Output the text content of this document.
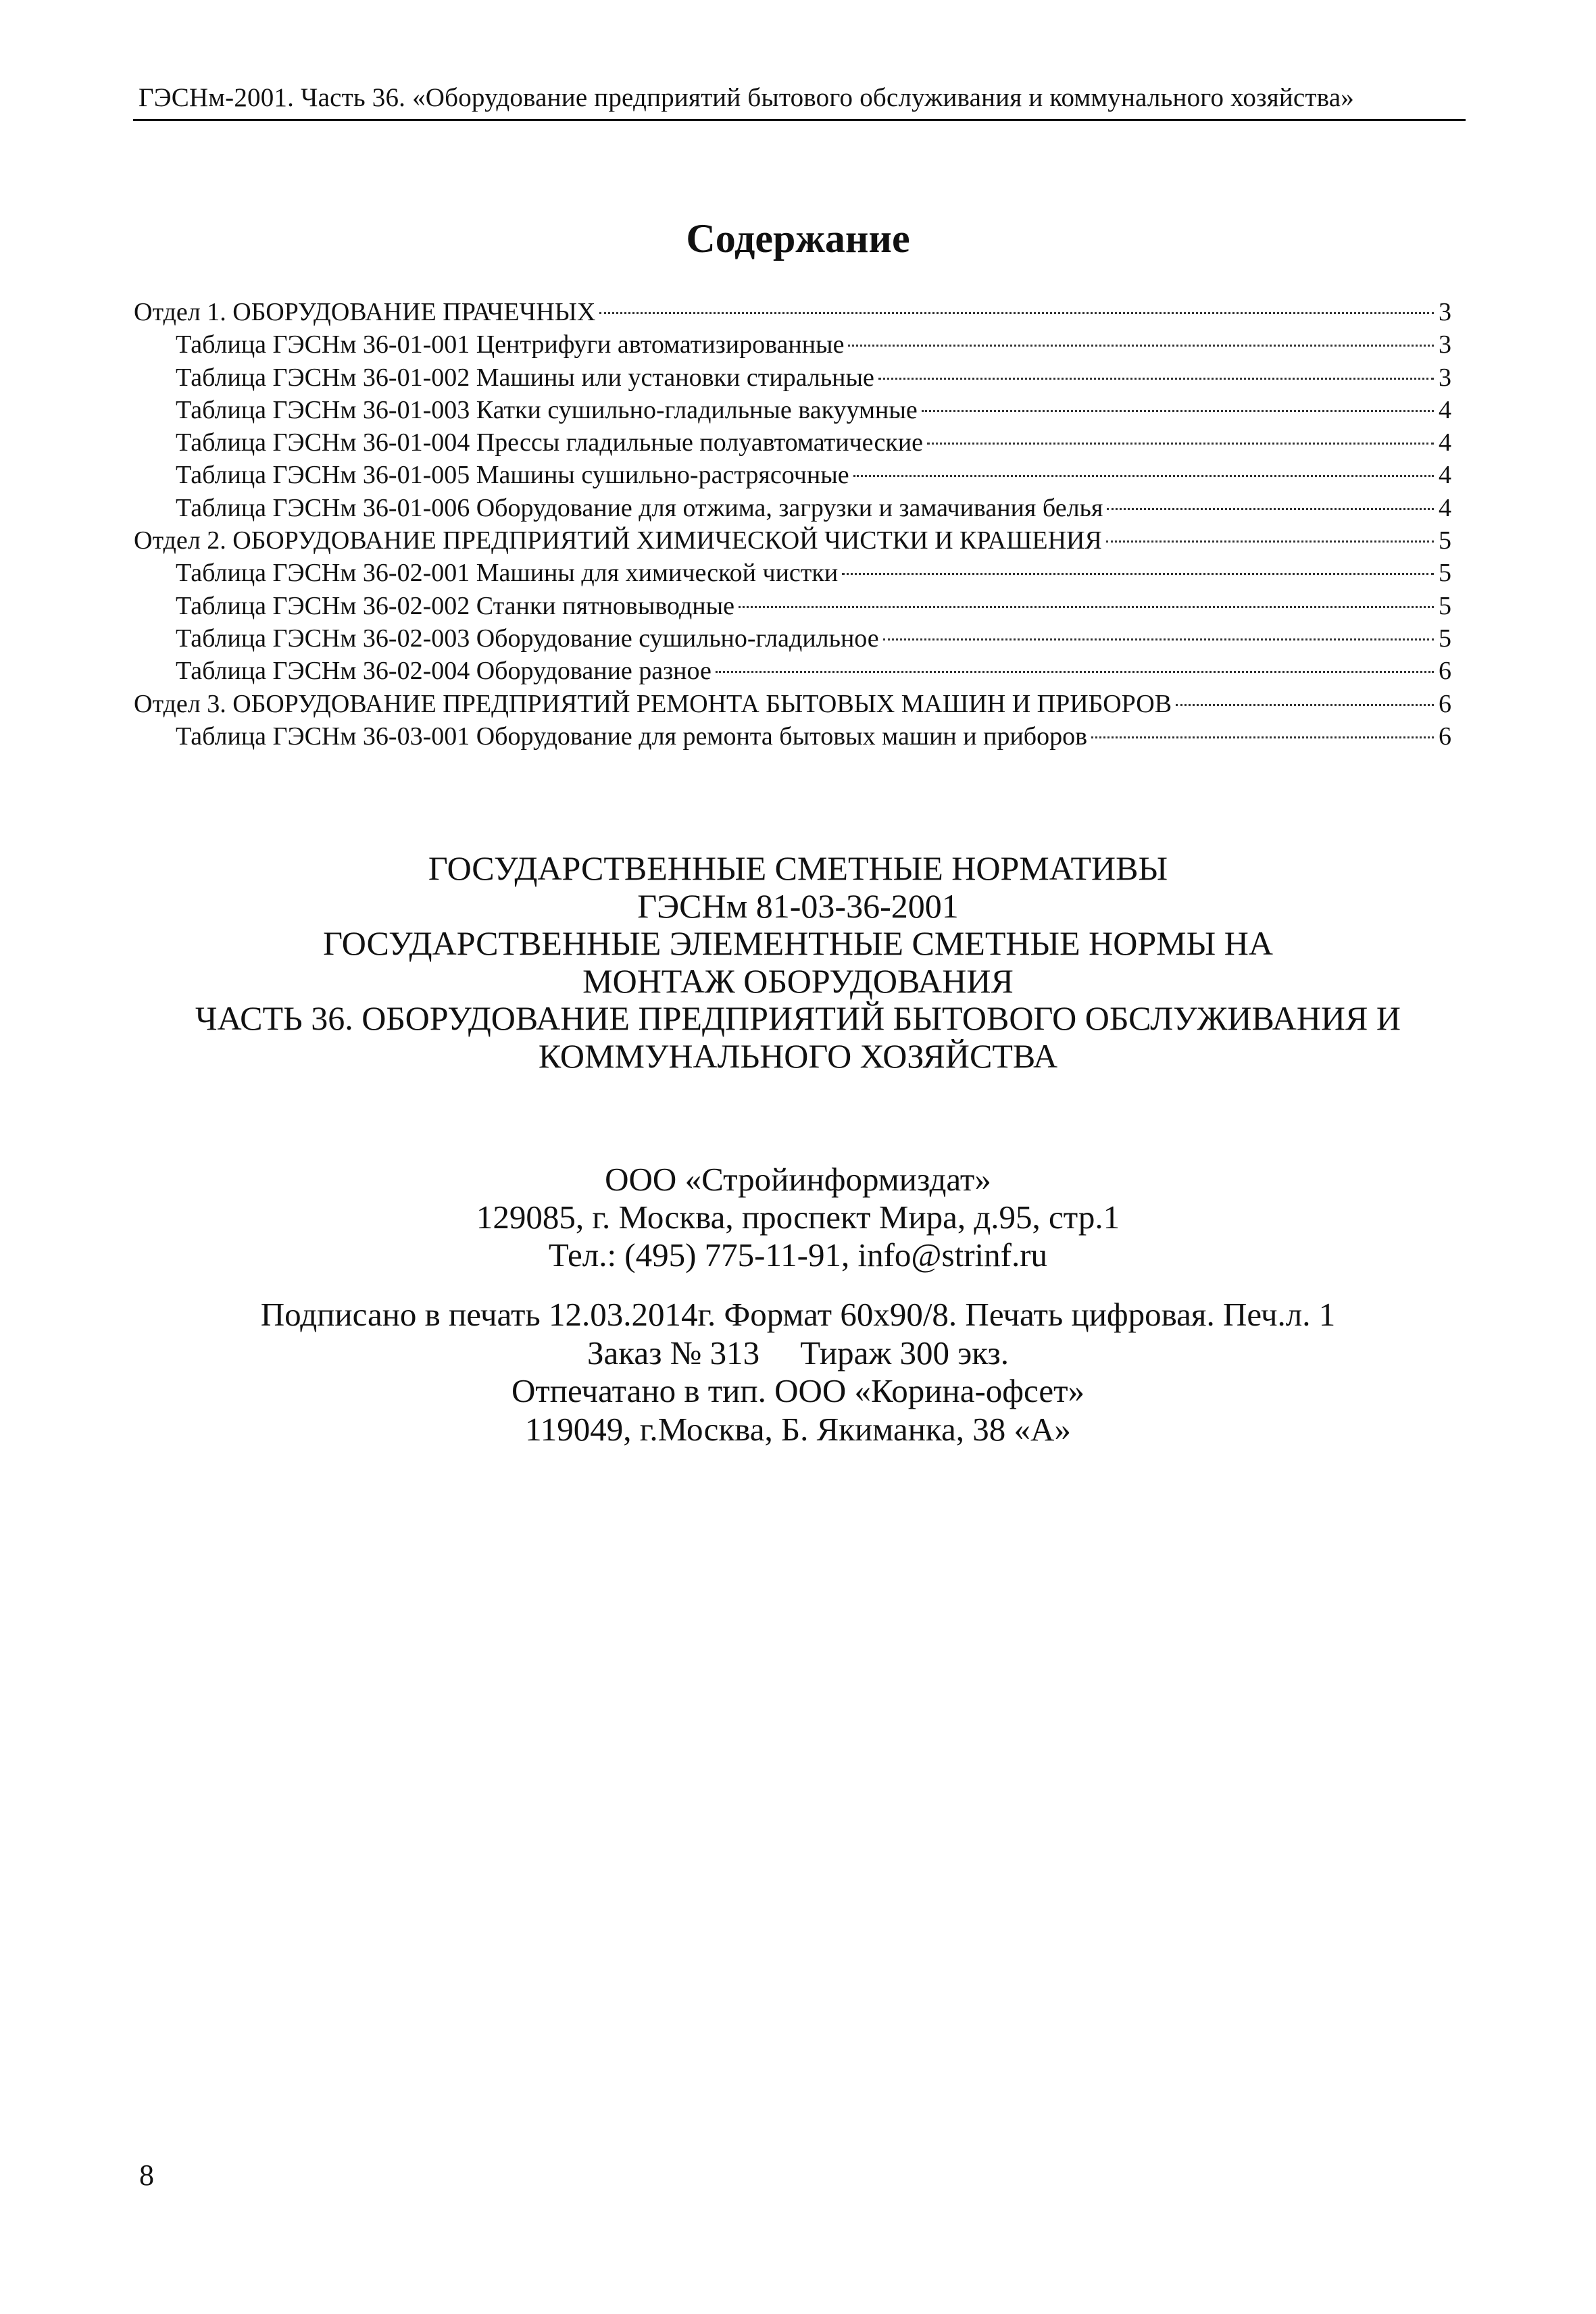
ГЭСНм-2001. Часть 36. «Оборудование предприятий бытового обслуживания и коммунального хозяйства»
Содержание
Отдел 1. ОБОРУДОВАНИЕ ПРАЧЕЧНЫХ	3
Таблица ГЭСНм 36-01-001 Центрифуги автоматизированные	3
Таблица ГЭСНм 36-01-002 Машины или установки стиральные	3
Таблица ГЭСНм 36-01-003 Катки сушильно-гладильные вакуумные	4
Таблица ГЭСНм 36-01-004 Прессы гладильные полуавтоматические	4
Таблица ГЭСНм 36-01-005 Машины сушильно-растрясочные	4
Таблица ГЭСНм 36-01-006 Оборудование для отжима, загрузки и замачивания белья	4
Отдел 2. ОБОРУДОВАНИЕ ПРЕДПРИЯТИЙ ХИМИЧЕСКОЙ ЧИСТКИ И КРАШЕНИЯ	5
Таблица ГЭСНм 36-02-001 Машины для химической чистки	5
Таблица ГЭСНм 36-02-002 Станки пятновыводные	5
Таблица ГЭСНм 36-02-003 Оборудование сушильно-гладильное	5
Таблица ГЭСНм 36-02-004 Оборудование разное	6
Отдел 3. ОБОРУДОВАНИЕ ПРЕДПРИЯТИЙ РЕМОНТА БЫТОВЫХ МАШИН И ПРИБОРОВ	6
Таблица ГЭСНм 36-03-001 Оборудование для ремонта бытовых машин и приборов	6
ГОСУДАРСТВЕННЫЕ СМЕТНЫЕ НОРМАТИВЫ
ГЭСНм 81-03-36-2001
ГОСУДАРСТВЕННЫЕ ЭЛЕМЕНТНЫЕ СМЕТНЫЕ НОРМЫ НА
МОНТАЖ ОБОРУДОВАНИЯ
ЧАСТЬ 36. ОБОРУДОВАНИЕ ПРЕДПРИЯТИЙ БЫТОВОГО ОБСЛУЖИВАНИЯ И
КОММУНАЛЬНОГО ХОЗЯЙСТВА
ООО «Стройинформиздат»
129085, г. Москва, проспект Мира, д.95, стр.1
Тел.: (495) 775-11-91, info@strinf.ru
Подписано в печать 12.03.2014г. Формат 60x90/8. Печать цифровая. Печ.л. 1
Заказ № 313 Тираж 300 экз.
Отпечатано в тип. ООО «Корина-офсет»
119049, г.Москва, Б. Якиманка, 38 «А»
8
